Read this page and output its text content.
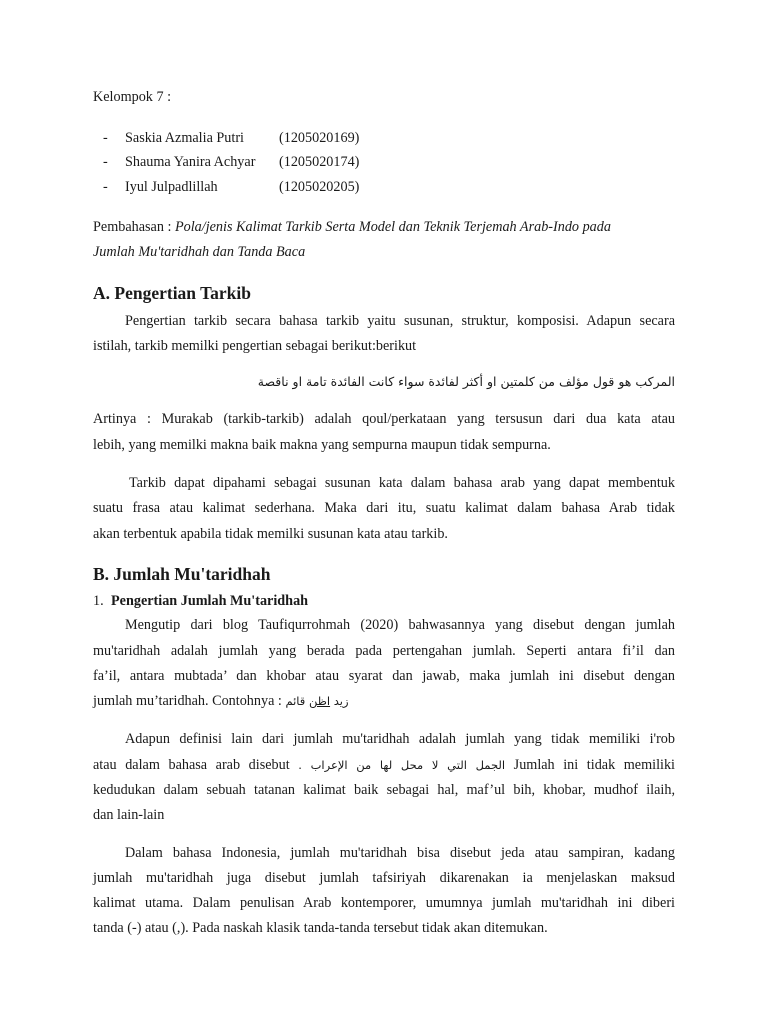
Kelompok 7 :
- Saskia Azmalia Putri (1205020169)
- Shauma Yanira Achyar (1205020174)
- Iyul Julpadlillah	(1205020205)
Pembahasan : Pola/jenis Kalimat Tarkib Serta Model dan Teknik Terjemah Arab-Indo pada
Jumlah Mu'taridhah dan Tanda Baca
A. Pengertian Tarkib
Pengertian tarkib secara bahasa tarkib yaitu susunan, struktur, komposisi. Adapun secara
istilah, tarkib memilki pengertian sebagai berikut:berikut
المركب هو قول مؤلف من كلمتين او أكثر لفائدة سواء كانت الفائدة تامة او ناقصة
Artinya : Murakab (tarkib-tarkib) adalah qoul/perkataan yang tersusun dari dua kata atau
lebih, yang memilki makna baik makna yang sempurna maupun tidak sempurna.
Tarkib dapat dipahami sebagai susunan kata dalam bahasa arab yang dapat membentuk
suatu frasa atau kalimat sederhana. Maka dari itu, suatu kalimat dalam bahasa Arab tidak
akan terbentuk apabila tidak memilki susunan kata atau tarkib.
B. Jumlah Mu'taridhah
1. Pengertian Jumlah Mu'taridhah
Mengutip dari blog Taufiqurrohmah (2020) bahwasannya yang disebut dengan jumlah
mu'taridhah adalah jumlah yang berada pada pertengahan jumlah. Seperti antara fi’il dan
fa’il, antara mubtada’ dan khobar atau syarat dan jawab, maka jumlah ini disebut dengan
jumlah mu’taridhah. Contohnya :	زيد اظن قائم
Adapun definisi lain dari jumlah mu'taridhah adalah jumlah yang tidak memiliki i'rob
atau dalam bahasa arab disebut الجمل التي لا محل لها من الإعراب . Jumlah ini tidak memiliki
kedudukan dalam sebuah tatanan kalimat baik sebagai hal, maf’ul bih, khobar, mudhof ilaih,
dan lain-lain
Dalam bahasa Indonesia, jumlah mu'taridhah bisa disebut jeda atau sampiran, kadang
jumlah mu'taridhah juga disebut jumlah tafsiriyah dikarenakan ia menjelaskan maksud
kalimat utama. Dalam penulisan Arab kontemporer, umumnya jumlah mu'taridhah ini diberi
tanda (-) atau (,). Pada naskah klasik tanda-tanda tersebut tidak akan ditemukan.
